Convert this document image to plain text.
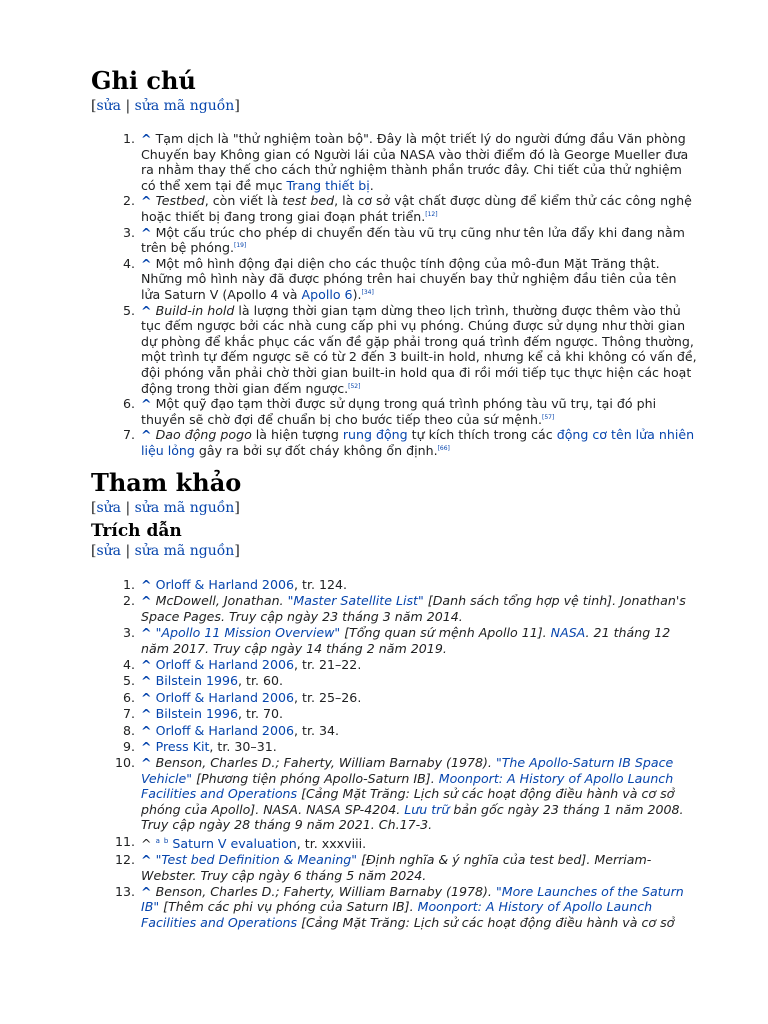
Ghi chú
[sửa | sửa mã nguồn]
1. ^ Tạm dịch là "thử nghiệm toàn bộ". Đây là một triết lý do người đứng đầu Văn phòng Chuyến bay Không gian có Người lái của NASA vào thời điểm đó là George Mueller đưa ra nhằm thay thế cho cách thử nghiệm thành phần trước đây. Chi tiết của thử nghiệm có thể xem tại đề mục Trang thiết bị.
2. ^ Testbed, còn viết là test bed, là cơ sở vật chất được dùng để kiểm thử các công nghệ hoặc thiết bị đang trong giai đoạn phát triển.[12]
3. ^ Một cấu trúc cho phép di chuyển đến tàu vũ trụ cũng như tên lửa đẩy khi đang nằm trên bệ phóng.[19]
4. ^ Một mô hình động đại diện cho các thuộc tính động của mô-đun Mặt Trăng thật. Những mô hình này đã được phóng trên hai chuyến bay thử nghiệm đầu tiên của tên lửa Saturn V (Apollo 4 và Apollo 6).[34]
5. ^ Build-in hold là lượng thời gian tạm dừng theo lịch trình, thường được thêm vào thủ tục đếm ngược bởi các nhà cung cấp phi vụ phóng. Chúng được sử dụng như thời gian dự phòng để khắc phục các vấn đề gặp phải trong quá trình đếm ngược. Thông thường, một trình tự đếm ngược sẽ có từ 2 đến 3 built-in hold, nhưng kể cả khi không có vấn đề, đội phóng vẫn phải chờ thời gian built-in hold qua đi rồi mới tiếp tục thực hiện các hoạt động trong thời gian đếm ngược.[52]
6. ^ Một quỹ đạo tạm thời được sử dụng trong quá trình phóng tàu vũ trụ, tại đó phi thuyền sẽ chờ đợi để chuẩn bị cho bước tiếp theo của sứ mệnh.[57]
7. ^ Dao động pogo là hiện tượng rung động tự kích thích trong các động cơ tên lửa nhiên liệu lỏng gây ra bởi sự đốt cháy không ổn định.[66]
Tham khảo
[sửa | sửa mã nguồn]
Trích dẫn
[sửa | sửa mã nguồn]
1. ^ Orloff & Harland 2006, tr. 124.
2. ^ McDowell, Jonathan. "Master Satellite List" [Danh sách tổng hợp vệ tinh]. Jonathan's Space Pages. Truy cập ngày 23 tháng 3 năm 2014.
3. ^ "Apollo 11 Mission Overview" [Tổng quan sứ mệnh Apollo 11]. NASA. 21 tháng 12 năm 2017. Truy cập ngày 14 tháng 2 năm 2019.
4. ^ Orloff & Harland 2006, tr. 21–22.
5. ^ Bilstein 1996, tr. 60.
6. ^ Orloff & Harland 2006, tr. 25–26.
7. ^ Bilstein 1996, tr. 70.
8. ^ Orloff & Harland 2006, tr. 34.
9. ^ Press Kit, tr. 30–31.
10. ^ Benson, Charles D.; Faherty, William Barnaby (1978). "The Apollo-Saturn IB Space Vehicle" [Phương tiện phóng Apollo-Saturn IB]. Moonport: A History of Apollo Launch Facilities and Operations [Cảng Mặt Trăng: Lịch sử các hoạt động điều hành và cơ sở phóng của Apollo]. NASA. NASA SP-4204. Lưu trữ bản gốc ngày 23 tháng 1 năm 2008. Truy cập ngày 28 tháng 9 năm 2021. Ch.17-3.
11. ^ $^a$ $^b$ Saturn V evaluation, tr. xxxviii.
12. ^ "Test bed Definition & Meaning" [Định nghĩa & ý nghĩa của test bed]. Merriam-Webster. Truy cập ngày 6 tháng 5 năm 2024.
13. ^ Benson, Charles D.; Faherty, William Barnaby (1978). "More Launches of the Saturn IB" [Thêm các phi vụ phóng của Saturn IB]. Moonport: A History of Apollo Launch Facilities and Operations [Cảng Mặt Trăng: Lịch sử các hoạt động điều hành và cơ sở
